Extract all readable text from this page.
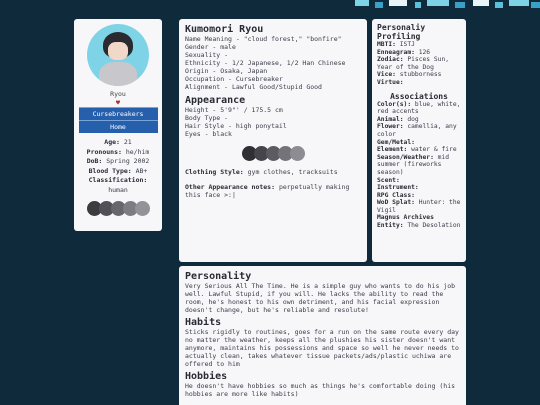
Ryou
♥
Cursebreakers
Home
Age: 21
Pronouns: he/him
DoB: Spring 2002
Blood Type: AB+
Classification:
human
Kumomori Ryou
Name Meaning - "cloud forest," "bonfire"
Gender - male
Sexuality -
Ethnicity - 1/2 Japanese, 1/2 Han Chinese
Origin - Osaka, Japan
Occupation - Cursebreaker
Alignment - Lawful Good/Stupid Good
Appearance
Height - 5'9"' / 175.5 cm
Body Type -
Hair Style - high ponytail
Eyes - black
Clothing Style: gym clothes, tracksuits
Other Appearance notes: perpetually making this face >:|
Personaliy Profiling
MBTI: ISTJ
Enneagram: 126
Zodiac: Pisces Sun, Year of the Dog
Vice: stubborness
Virtue:
Associations
Color(s): blue, white, red accents
Animal: dog
Flower: camellia, any color
Gem/Metal:
Element: water & fire
Season/Weather: mid summer (fireworks season)
Scent:
Instrument:
RPG Class:
WoD Splat: Hunter: the Vigil
Magnus Archives Entity: The Desolation
Personality
Very Serious All The Time. He is a simple guy who wants to do his job well. Lawful Stupid, if you will. He lacks the ability to read the room, he's honest to his own detriment, and his facial expression doesn't change, but he's reliable and resolute!
Habits
Sticks rigidly to routines, goes for a run on the same route every day no matter the weather, keeps all the plushies his sister doesn't want anymore, maintains his possessions and space so well he never needs to actually clean, takes whatever tissue packets/ads/plastic uchiwa are offered to him
Hobbies
He doesn't have hobbies so much as things he's comfortable doing (his hobbies are more like habits)
